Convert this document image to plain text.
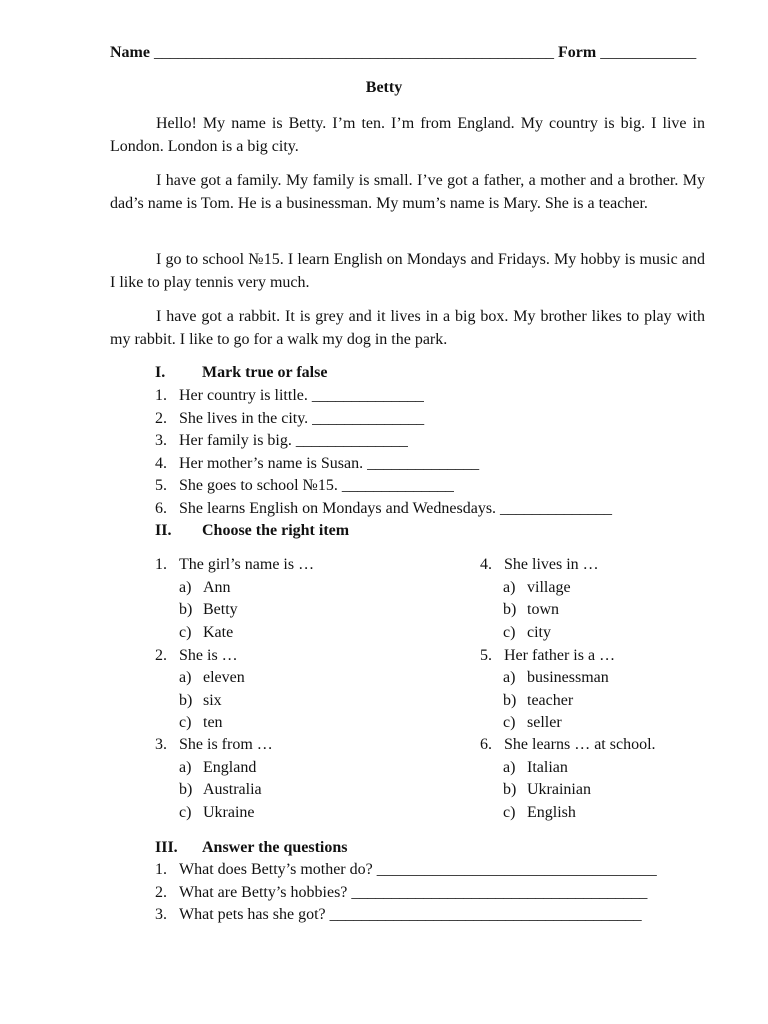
Name __________________________________________________ Form ____________
Betty
Hello! My name is Betty. I’m ten. I’m from England. My country is big. I live in London. London is a big city.
I have got a family. My family is small. I’ve got a father, a mother and a brother. My dad’s name is Tom. He is a businessman. My mum’s name is Mary. She is a teacher.
I go to school №15. I learn English on Mondays and Fridays. My hobby is music and I like to play tennis very much.
I have got a rabbit. It is grey and it lives in a big box. My brother likes to play with my rabbit. I like to go for a walk my dog in the park.
I. Mark true or false
1. Her country is little. ______________
2. She lives in the city. ______________
3. Her family is big. ______________
4. Her mother’s name is Susan. ______________
5. She goes to school №15. ______________
6. She learns English on Mondays and Wednesdays. ______________
II. Choose the right item
1. The girl’s name is …
a) Ann
b) Betty
c) Kate
2. She is …
a) eleven
b) six
c) ten
3. She is from …
a) England
b) Australia
c) Ukraine
4. She lives in …
a) village
b) town
c) city
5. Her father is a …
a) businessman
b) teacher
c) seller
6. She learns … at school.
a) Italian
b) Ukrainian
c) English
III. Answer the questions
1. What does Betty’s mother do? ___________________________________
2. What are Betty’s hobbies? _____________________________________
3. What pets has she got? _______________________________________
